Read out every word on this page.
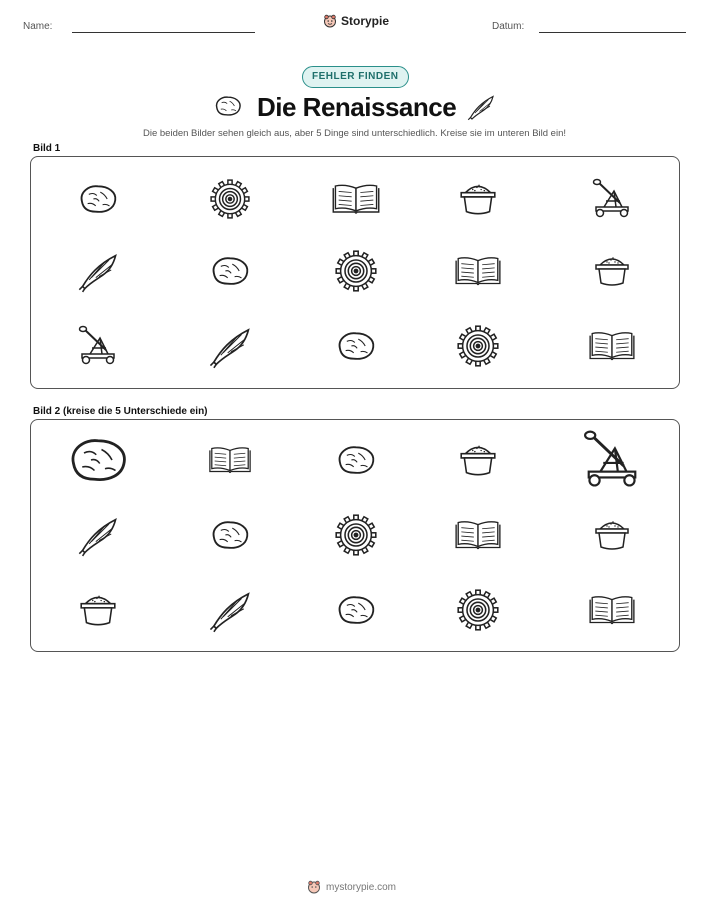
Name:	Storypie	Datum:
FEHLER FINDEN
Die Renaissance
Die beiden Bilder sehen gleich aus, aber 5 Dinge sind unterschiedlich. Kreise sie im unteren Bild ein!
Bild 1
Bild 2 (kreise die 5 Unterschiede ein)
mystorypie.com
